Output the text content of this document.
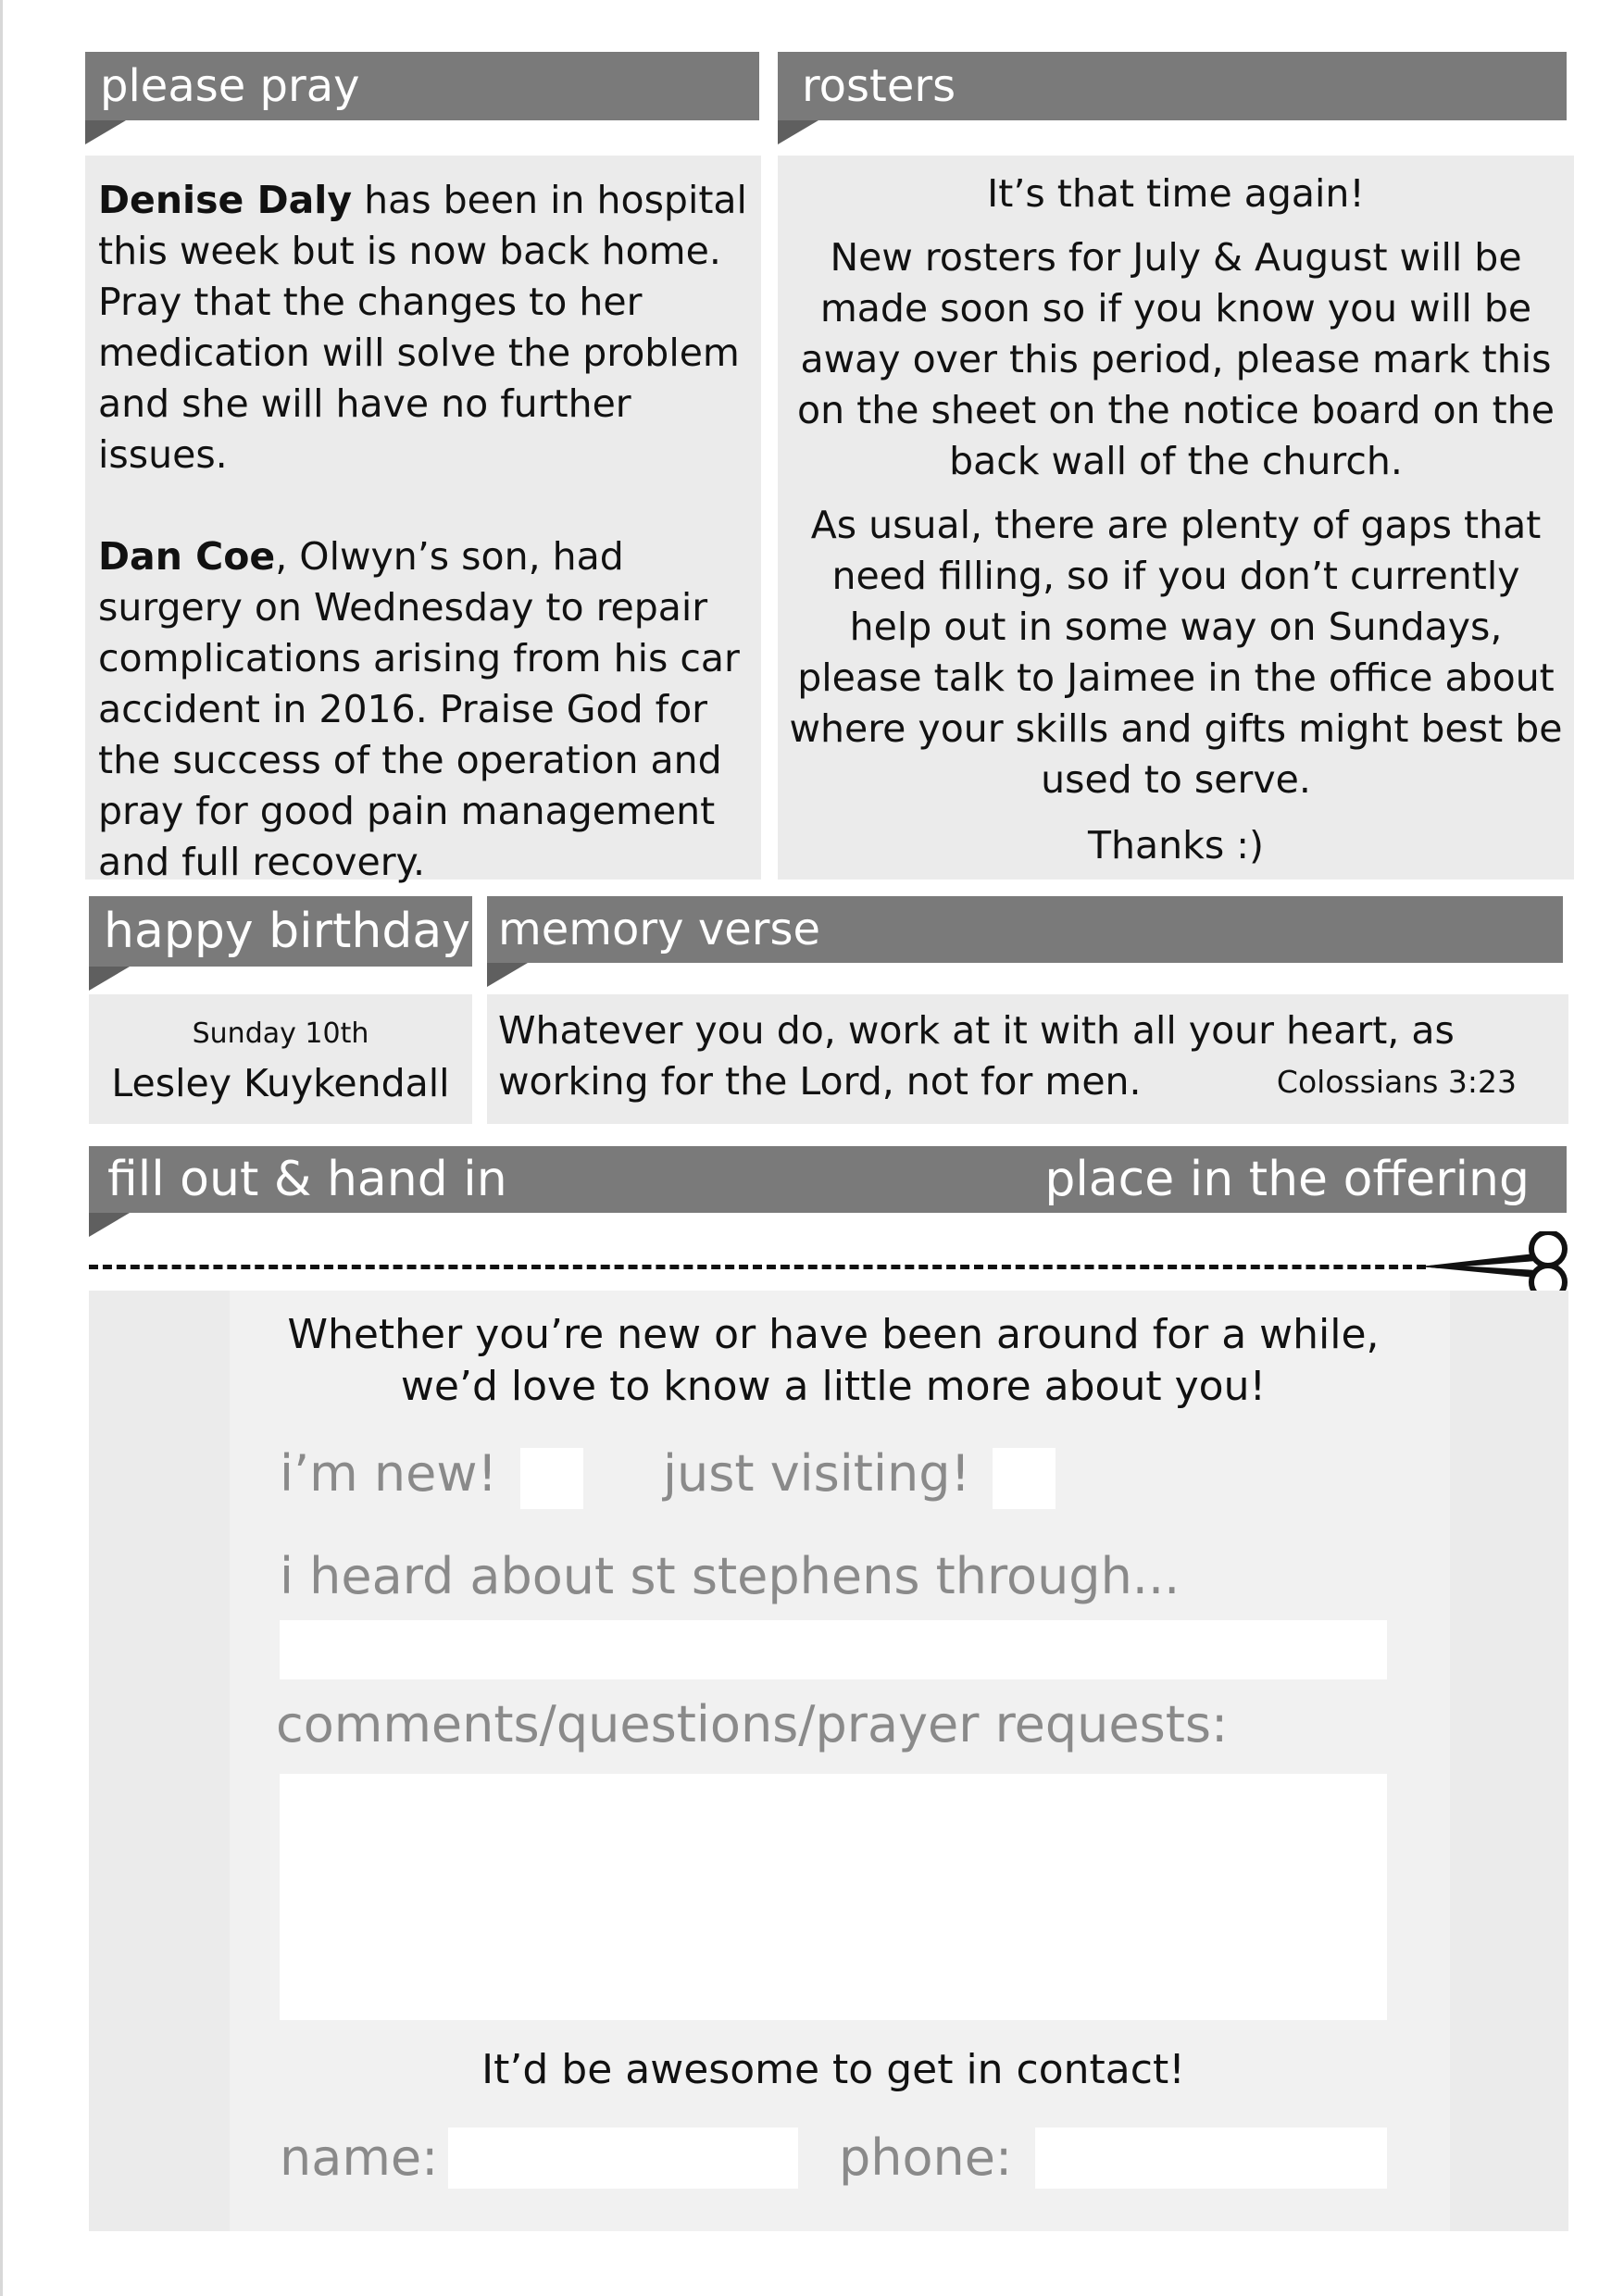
please pray

Denise Daly has been in hospital this week but is now back home. Pray that the changes to her medication will solve the problem and she will have no further issues.

Dan Coe, Olwyn’s son, had surgery on Wednesday to repair complications arising from his car accident in 2016. Praise God for the success of the operation and pray for good pain management and full recovery.

rosters

It’s that time again!

New rosters for July & August will be made soon so if you know you will be away over this period, please mark this on the sheet on the notice board on the back wall of the church.

As usual, there are plenty of gaps that need filling, so if you don’t currently help out in some way on Sundays, please talk to Jaimee in the office about where your skills and gifts might best be used to serve.

Thanks :)

happy birthday
Sunday 10th
Lesley Kuykendall
memory verse

Whatever you do, work at it with all your heart, as working for the Lord, not for men.	Colossians 3:23
fill out & hand in	place in the offering
Whether you’re new or have been around for a while, we’d love to know a little more about you!
i’m new!	just visiting!
i heard about st stephens through...
comments/questions/prayer requests:
It’d be awesome to get in contact!
name:	phone:
